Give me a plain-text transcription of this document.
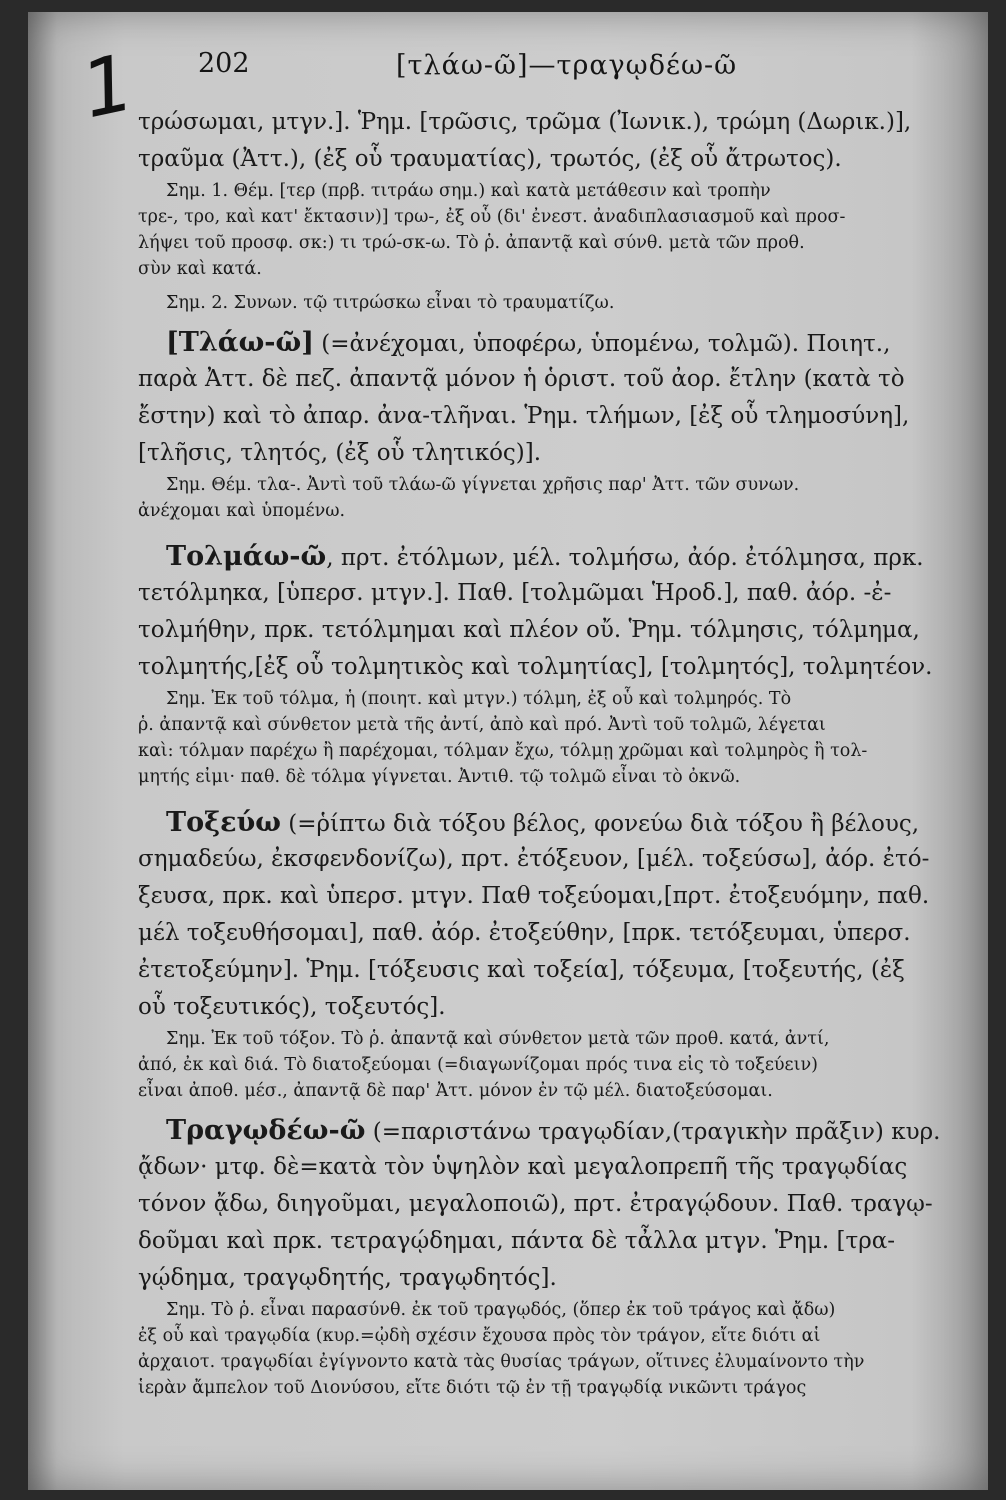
1 202	[τλάω-ῶ]—τραγῳδέω-ῶ
τρώσωμαι, μτγν.]. Ῥημ. [τρῶσις, τρῶμα (Ἰωνικ.), τρώμη (Δωρικ.)],
τραῦμα (Ἀττ.), (ἐξ οὗ τραυματίας), τρωτός, (ἐξ οὗ ἄτρωτος).
Σημ. 1. Θέμ. [τερ (πρβ. τιτράω σημ.) καὶ κατὰ μετάθεσιν καὶ τροπὴν
τρε-, τρο, καὶ κατ' ἔκτασιν)] τρω-, ἐξ οὗ (δι' ἐνεστ. ἀναδιπλασιασμοῦ καὶ προσ-
λήψει τοῦ προσφ. σκ:) τι τρώ-σκ-ω. Τὸ ῥ. ἀπαντᾷ καὶ σύνθ. μετὰ τῶν προθ.
σὺν καὶ κατά.
Σημ. 2. Συνων. τῷ τιτρώσκω εἶναι τὸ τραυματίζω.
[Τλάω-ῶ] (=ἀνέχομαι, ὑποφέρω, ὑπομένω, τολμῶ). Ποιητ.,
παρὰ Ἀττ. δὲ πεζ. ἀπαντᾷ μόνον ἡ ὁριστ. τοῦ ἀορ. ἔτλην (κατὰ τὸ
ἔστην) καὶ τὸ ἀπαρ. ἀνα-τλῆναι. Ῥημ. τλήμων, [ἐξ οὗ τλημοσύνη],
[τλῆσις, τλητός, (ἐξ οὗ τλητικός)].
Σημ. Θέμ. τλα-. Ἀντὶ τοῦ τλάω-ῶ γίγνεται χρῆσις παρ' Ἀττ. τῶν συνων.
ἀνέχομαι καὶ ὑπομένω.
Τολμάω-ῶ, πρτ. ἐτόλμων, μέλ. τολμήσω, ἀόρ. ἐτόλμησα, πρκ.
τετόλμηκα, [ὑπερσ. μτγν.]. Παθ. [τολμῶμαι Ἡροδ.], παθ. ἀόρ. -ἐ-
τολμήθην, πρκ. τετόλμημαι καὶ πλέον οὔ. Ῥημ. τόλμησις, τόλμημα,
τολμητής,[ἐξ οὗ τολμητικὸς καὶ τολμητίας], [τολμητός], τολμητέον.
Σημ. Ἐκ τοῦ τόλμα, ἡ (ποιητ. καὶ μτγν.) τόλμη, ἐξ οὗ καὶ τολμηρός. Τὸ
ῥ. ἀπαντᾷ καὶ σύνθετον μετὰ τῆς ἀντί, ἀπὸ καὶ πρό. Ἀντὶ τοῦ τολμῶ, λέγεται
καὶ: τόλμαν παρέχω ἢ παρέχομαι, τόλμαν ἔχω, τόλμῃ χρῶμαι καὶ τολμηρὸς ἢ τολ-
μητής εἰμι· παθ. δὲ τόλμα γίγνεται. Ἀντιθ. τῷ τολμῶ εἶναι τὸ ὀκνῶ.
Τοξεύω (=ῥίπτω διὰ τόξου βέλος, φονεύω διὰ τόξου ἢ βέλους,
σημαδεύω, ἐκσφενδονίζω), πρτ. ἐτόξευον, [μέλ. τοξεύσω], ἀόρ. ἐτό-
ξευσα, πρκ. καὶ ὑπερσ. μτγν. Παθ τοξεύομαι,[πρτ. ἐτοξευόμην, παθ.
μέλ τοξευθήσομαι], παθ. ἀόρ. ἐτοξεύθην, [πρκ. τετόξευμαι, ὑπερσ.
ἐτετοξεύμην]. Ῥημ. [τόξευσις καὶ τοξεία], τόξευμα, [τοξευτής, (ἐξ
οὗ τοξευτικός), τοξευτός].
Σημ. Ἐκ τοῦ τόξον. Τὸ ῥ. ἀπαντᾷ καὶ σύνθετον μετὰ τῶν προθ. κατά, ἀντί,
ἀπό, ἐκ καὶ διά. Τὸ διατοξεύομαι (=διαγωνίζομαι πρός τινα εἰς τὸ τοξεύειν)
εἶναι ἀποθ. μέσ., ἀπαντᾷ δὲ παρ' Ἀττ. μόνον ἐν τῷ μέλ. διατοξεύσομαι.
Τραγῳδέω-ῶ (=παριστάνω τραγῳδίαν,(τραγικὴν πρᾶξιν) κυρ.
ᾄδων· μτφ. δὲ=κατὰ τὸν ὑψηλὸν καὶ μεγαλοπρεπῆ τῆς τραγῳδίας
τόνον ᾄδω, διηγοῦμαι, μεγαλοποιῶ), πρτ. ἐτραγῴδουν. Παθ. τραγῳ-
δοῦμαι καὶ πρκ. τετραγῴδημαι, πάντα δὲ τἆλλα μτγν. Ῥημ. [τρα-
γῴδημα, τραγῳδητής, τραγῳδητός].
Σημ. Τὸ ῥ. εἶναι παρασύνθ. ἐκ τοῦ τραγῳδός, (ὅπερ ἐκ τοῦ τράγος καὶ ᾄδω)
ἐξ οὗ καὶ τραγῳδία (κυρ.=ᾠδὴ σχέσιν ἔχουσα πρὸς τὸν τράγον, εἴτε διότι αἱ
ἀρχαιοτ. τραγῳδίαι ἐγίγνοντο κατὰ τὰς θυσίας τράγων, οἵτινες ἐλυμαίνοντο τὴν
ἱερὰν ἄμπελον τοῦ Διονύσου, εἴτε διότι τῷ ἐν τῇ τραγῳδίᾳ νικῶντι τράγος
